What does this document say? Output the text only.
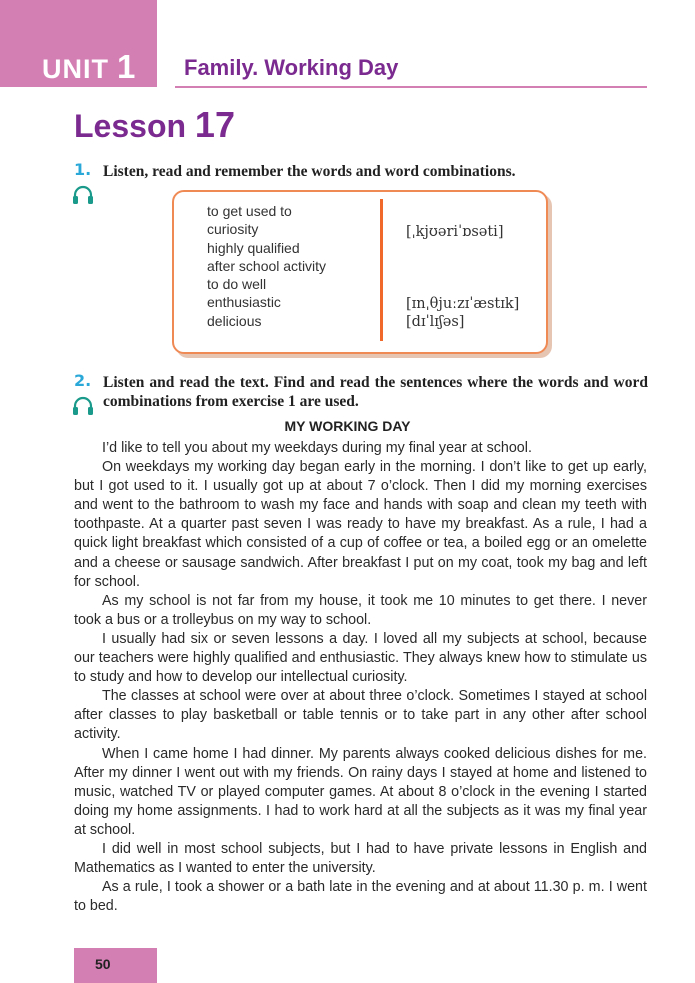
UNIT 1 Family. Working Day
Lesson 17
1. Listen, read and remember the words and word combinations.
to get used to
curiosity
highly qualified
after school activity
to do well
enthusiastic
delicious

[ˌkjʊəriˈɒsəti]

[ɪnˌθjuːzɪˈæstɪk]

[dɪˈlɪʃəs]

2. Listen and read the text. Find and read the sentences where the words and word combinations from exercise 1 are used.
MY WORKING DAY

I’d like to tell you about my weekdays during my final year at school.

On weekdays my working day began early in the morning. I don’t like to get up early, but I got used to it. I usually got up at about 7 o’clock. Then I did my morning exercises and went to the bathroom to wash my face and hands with soap and clean my teeth with toothpaste. At a quarter past seven I was ready to have my breakfast. As a rule, I had a quick light breakfast which consisted of a cup of coffee or tea, a boiled egg or an omelette and a cheese or sausage sandwich. After breakfast I put on my coat, took my bag and left for school.

As my school is not far from my house, it took me 10 minutes to get there. I never took a bus or a trolleybus on my way to school.

I usually had six or seven lessons a day. I loved all my subjects at school, because our teachers were highly qualified and enthusiastic. They always knew how to stimulate us to study and how to develop our intellectual curiosity.

The classes at school were over at about three o’clock. Sometimes I stayed at school after classes to play basketball or table tennis or to take part in any other after school activity.

When I came home I had dinner. My parents always cooked delicious dishes for me. After my dinner I went out with my friends. On rainy days I stayed at home and listened to music, watched TV or played computer games. At about 8 o’clock in the evening I started doing my home assignments. I had to work hard at all the subjects as it was my final year at school.

I did well in most school subjects, but I had to have private lessons in English and Mathematics as I wanted to enter the university.

As a rule, I took a shower or a bath late in the evening and at about 11.30 p. m. I went to bed.

50
